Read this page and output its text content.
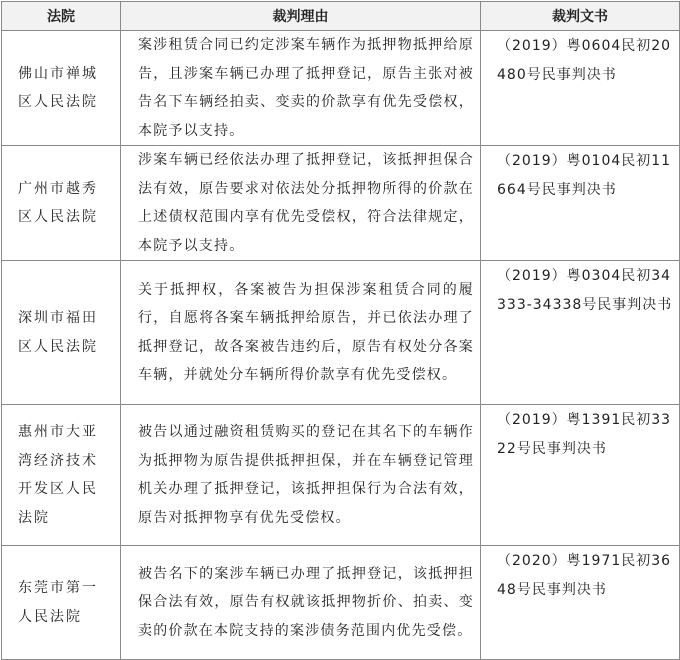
法院	裁判理由	裁判文书

佛山市禅城区人民法院	案涉租赁合同已约定涉案车辆作为抵押物抵押给原告，且涉案车辆已办理了抵押登记，原告主张对被告名下车辆经拍卖、变卖的价款享有优先受偿权，本院予以支持。	（2019）粤0604民初20480号民事判决书

广州市越秀区人民法院	涉案车辆已经依法办理了抵押登记，该抵押担保合法有效，原告要求对依法处分抵押物所得的价款在上述债权范围内享有优先受偿权，符合法律规定，本院予以支持。	（2019）粤0104民初11664号民事判决书

深圳市福田区人民法院	关于抵押权，各案被告为担保涉案租赁合同的履行，自愿将各案车辆抵押给原告，并已依法办理了抵押登记，故各案被告违约后，原告有权处分各案车辆，并就处分车辆所得价款享有优先受偿权。	（2019）粤0304民初34333-34338号民事判决书

惠州市大亚湾经济技术开发区人民法院	被告以通过融资租赁购买的登记在其名下的车辆作为抵押物为原告提供抵押担保，并在车辆登记管理机关办理了抵押登记，该抵押担保行为合法有效，原告对抵押物享有优先受偿权。	（2019）粤1391民初3322号民事判决书

东莞市第一人民法院	被告名下的案涉车辆已办理了抵押登记，该抵押担保合法有效，原告有权就该抵押物折价、拍卖、变卖的价款在本院支持的案涉债务范围内优先受偿。	（2020）粤1971民初3648号民事判决书
